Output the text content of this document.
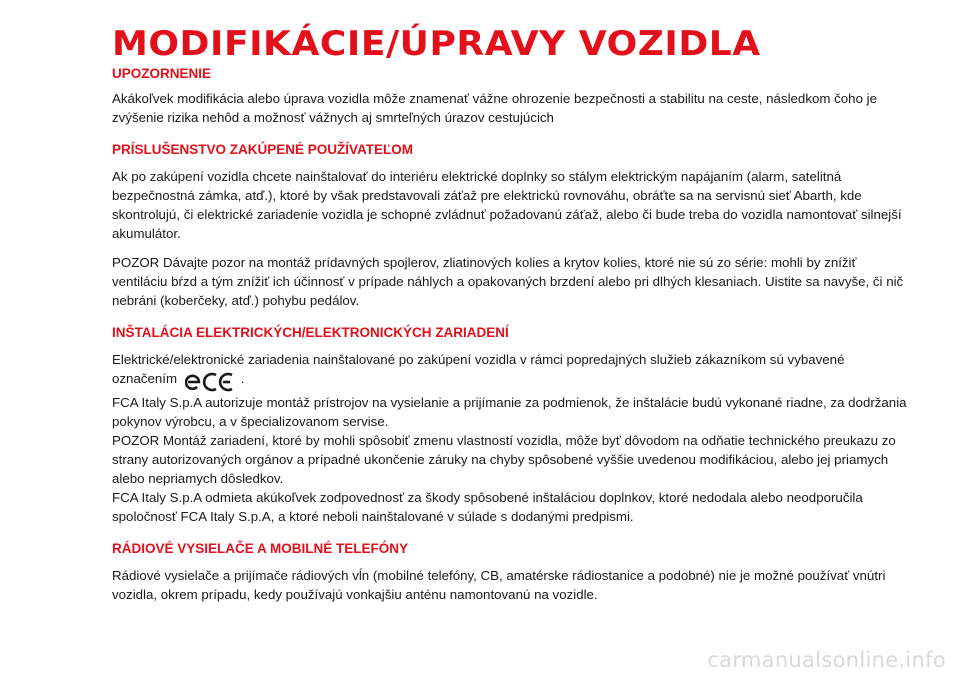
MODIFIKÁCIE/ÚPRAVY VOZIDLA
UPOZORNENIE

Akákoľvek modifikácia alebo úprava vozidla môže znamenať vážne ohrozenie bezpečnosti a stabilitu na ceste, následkom čoho je zvýšenie rizika nehôd a možnosť vážnych aj smrteľných úrazov cestujúcich

PRÍSLUŠENSTVO ZAKÚPENÉ POUŽÍVATEĽOM

Ak po zakúpení vozidla chcete nainštalovať do interiéru elektrické doplnky so stálym elektrickým napájaním (alarm, satelitná bezpečnostná zámka, atď.), ktoré by však predstavovali záťaž pre elektrickú rovnováhu, obráťte sa na servisnú sieť Abarth, kde skontrolujú, či elektrické zariadenie vozidla je schopné zvládnuť požadovanú záťaž, alebo či bude treba do vozidla namontovať silnejší akumulátor.

POZOR Dávajte pozor na montáž prídavných spojlerov, zliatinových kolies a krytov kolies, ktoré nie sú zo série: mohli by znížiť ventiláciu bŕzd a tým znížiť ich účinnosť v prípade náhlych a opakovaných brzdení alebo pri dlhých klesaniach. Uistite sa navyše, či nič nebráni (koberčeky, atď.) pohybu pedálov.

INŠTALÁCIA ELEKTRICKÝCH/ELEKTRONICKÝCH ZARIADENÍ
Elektrické/elektronické zariadenia nainštalované po zakúpení vozidla v rámci popredajných služieb zákazníkom sú vybavené
označením	.
FCA Italy S.p.A autorizuje montáž prístrojov na vysielanie a prijímanie za podmienok, že inštalácie budú vykonané riadne, za dodržania pokynov výrobcu, a v špecializovanom servise.
POZOR Montáž zariadení, ktoré by mohli spôsobiť zmenu vlastností vozidla, môže byť dôvodom na odňatie technického preukazu zo strany autorizovaných orgánov a prípadné ukončenie záruky na chyby spôsobené vyššie uvedenou modifikáciou, alebo jej priamych alebo nepriamych dôsledkov.
FCA Italy S.p.A odmieta akúkoľvek zodpovednosť za škody spôsobené inštaláciou doplnkov, ktoré nedodala alebo neodporučila spoločnosť FCA Italy S.p.A, a ktoré neboli nainštalované v súlade s dodanými predpismi.
RÁDIOVÉ VYSIELAČE A MOBILNÉ TELEFÓNY

Rádiové vysielače a prijímače rádiových vĺn (mobilné telefóny, CB, amatérske rádiostanice a podobné) nie je možné používať vnútri vozidla, okrem prípadu, kedy používajú vonkajšiu anténu namontovanú na vozidle.

carmanualsonline.info
